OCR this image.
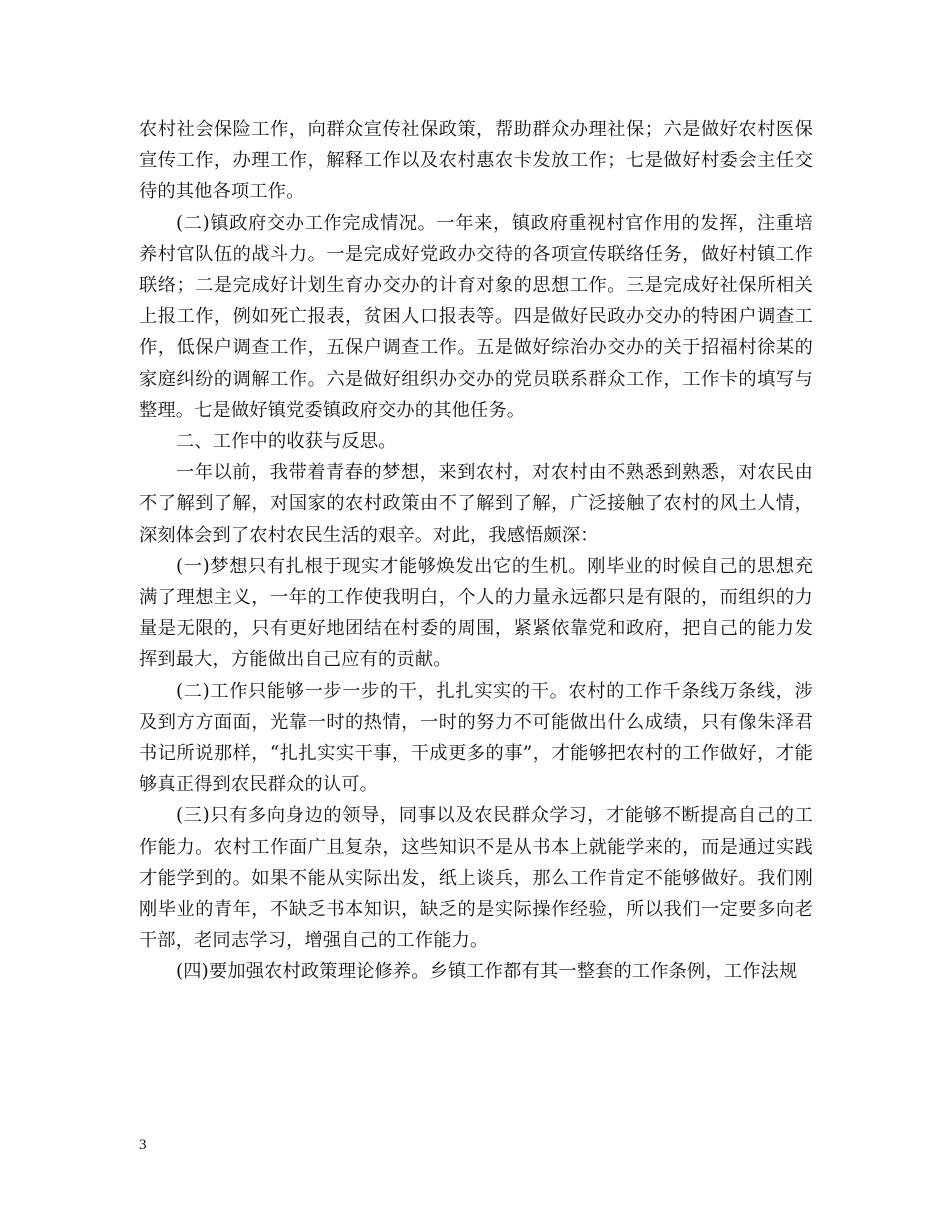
农村社会保险工作，向群众宣传社保政策，帮助群众办理社保；六是做好农村医保宣传工作，办理工作，解释工作以及农村惠农卡发放工作；七是做好村委会主任交待的其他各项工作。

(二)镇政府交办工作完成情况。一年来，镇政府重视村官作用的发挥，注重培养村官队伍的战斗力。一是完成好党政办交待的各项宣传联络任务，做好村镇工作联络；二是完成好计划生育办交办的计育对象的思想工作。三是完成好社保所相关上报工作，例如死亡报表，贫困人口报表等。四是做好民政办交办的特困户调查工作，低保户调查工作，五保户调查工作。五是做好综治办交办的关于招福村徐某的家庭纠纷的调解工作。六是做好组织办交办的党员联系群众工作，工作卡的填写与整理。七是做好镇党委镇政府交办的其他任务。

二、工作中的收获与反思。

一年以前，我带着青春的梦想，来到农村，对农村由不熟悉到熟悉，对农民由不了解到了解，对国家的农村政策由不了解到了解，广泛接触了农村的风土人情，深刻体会到了农村农民生活的艰辛。对此，我感悟颇深：

(一)梦想只有扎根于现实才能够焕发出它的生机。刚毕业的时候自己的思想充满了理想主义，一年的工作使我明白，个人的力量永远都只是有限的，而组织的力量是无限的，只有更好地团结在村委的周围，紧紧依靠党和政府，把自己的能力发挥到最大，方能做出自己应有的贡献。

(二)工作只能够一步一步的干，扎扎实实的干。农村的工作千条线万条线，涉及到方方面面，光靠一时的热情，一时的努力不可能做出什么成绩，只有像朱泽君书记所说那样，“扎扎实实干事，干成更多的事”，才能够把农村的工作做好，才能够真正得到农民群众的认可。

(三)只有多向身边的领导，同事以及农民群众学习，才能够不断提高自己的工作能力。农村工作面广且复杂，这些知识不是从书本上就能学来的，而是通过实践才能学到的。如果不能从实际出发，纸上谈兵，那么工作肯定不能够做好。我们刚刚毕业的青年，不缺乏书本知识，缺乏的是实际操作经验，所以我们一定要多向老干部，老同志学习，增强自己的工作能力。

(四)要加强农村政策理论修养。乡镇工作都有其一整套的工作条例，工作法规

3
